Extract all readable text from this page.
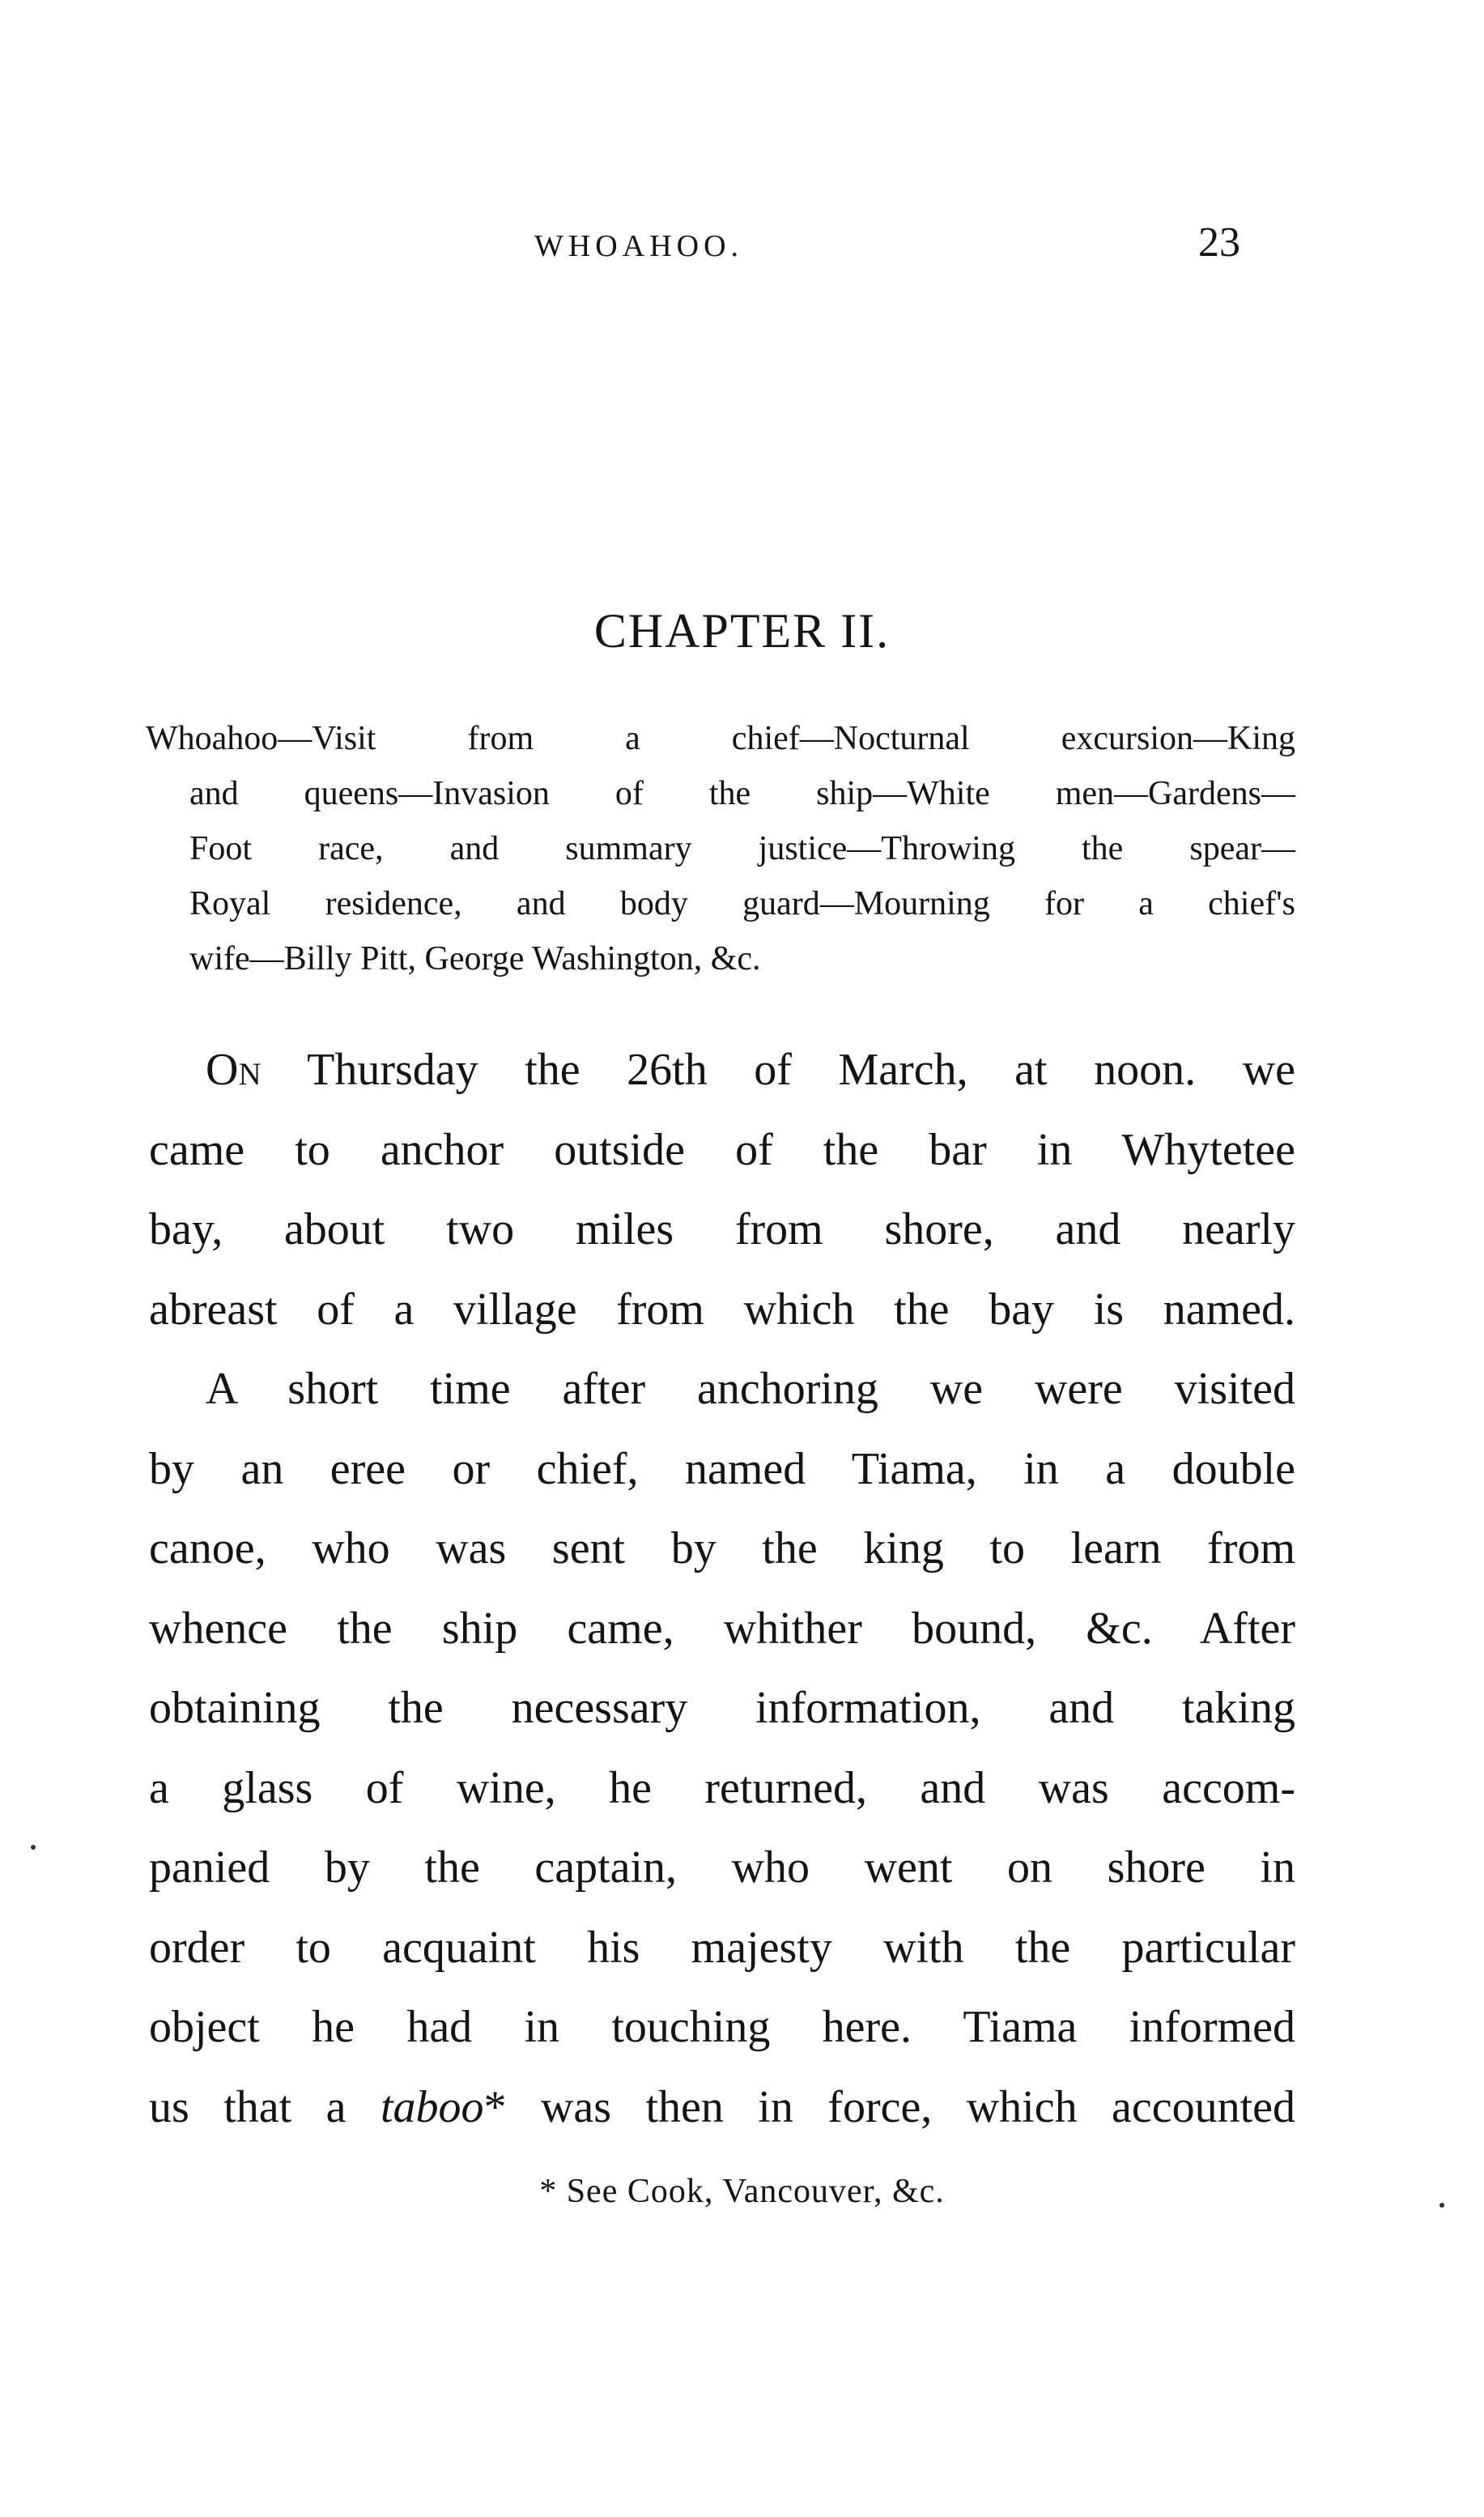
WHOAHOO.	23
CHAPTER II.
Whoahoo—Visit from a chief—Nocturnal excursion—King
and queens—Invasion of the ship—White men—Gardens—
Foot race, and summary justice—Throwing the spear—
Royal residence, and body guard—Mourning for a chief's
wife—Billy Pitt, George Washington, &c.
On Thursday the 26th of March, at noon. we
came to anchor outside of the bar in Whytetee
bay, about two miles from shore, and nearly
abreast of a village from which the bay is named.
A short time after anchoring we were visited
by an eree or chief, named Tiama, in a double
canoe, who was sent by the king to learn from
whence the ship came, whither bound, &c. After
obtaining the necessary information, and taking
a glass of wine, he returned, and was accom-
panied by the captain, who went on shore in
order to acquaint his majesty with the particular
object he had in touching here. Tiama informed
us that a taboo* was then in force, which accounted
* See Cook, Vancouver, &c.
